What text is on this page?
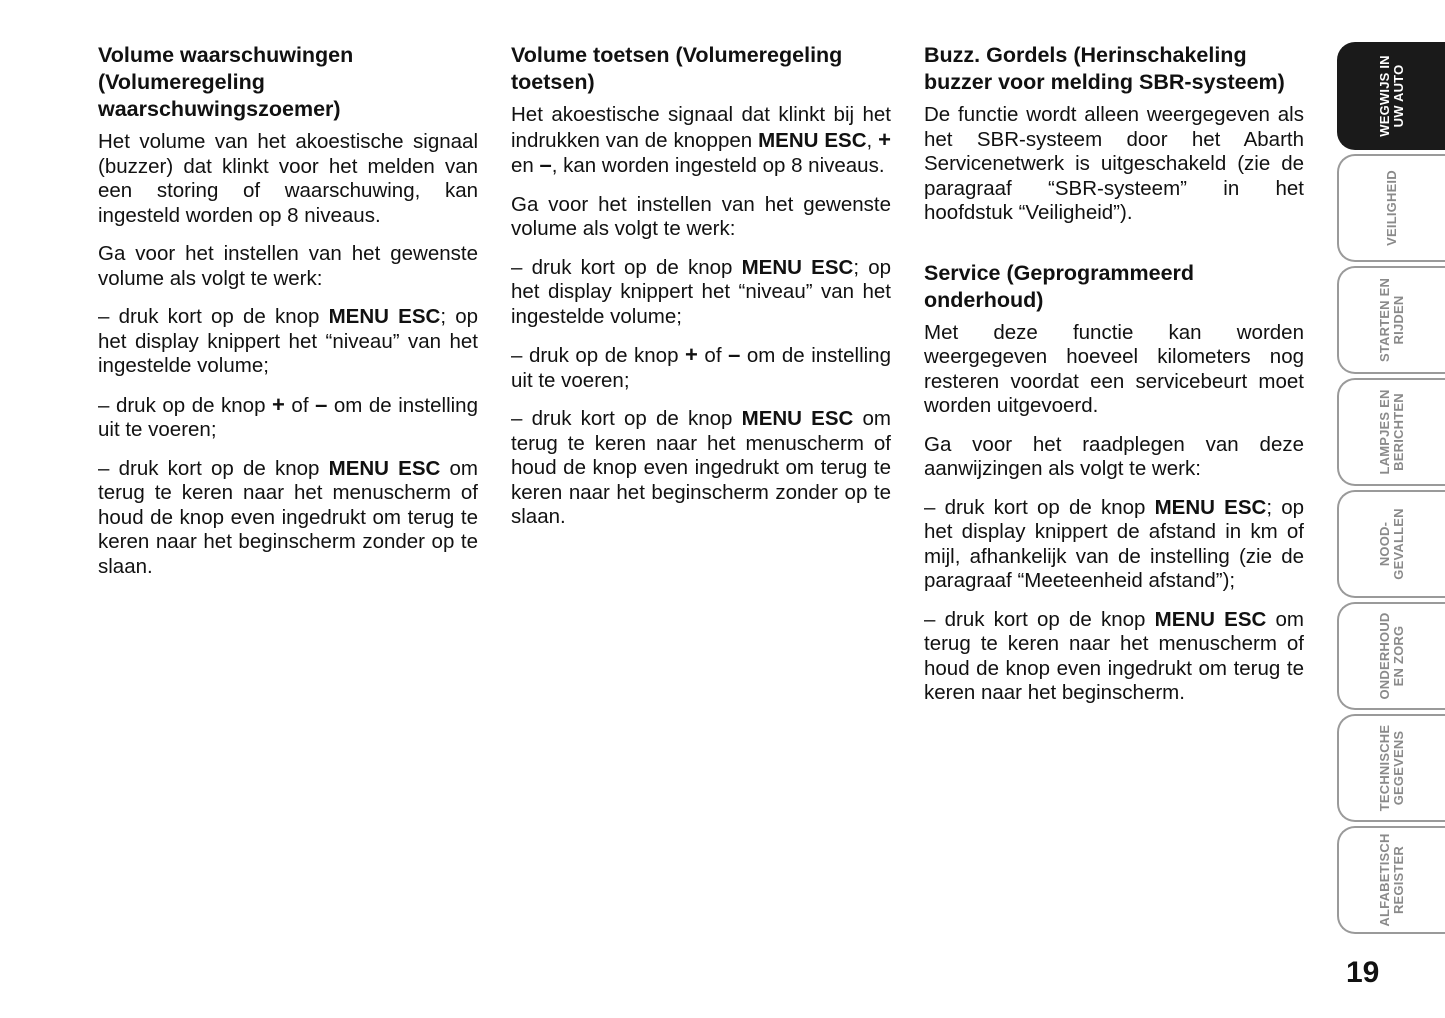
Volume waarschuwingen (Volumeregeling waarschuwingszoemer)

Het volume van het akoestische signaal (buzzer) dat klinkt voor het melden van een storing of waarschuwing, kan ingesteld worden op 8 niveaus.

Ga voor het instellen van het gewenste volume als volgt te werk:

– druk kort op de knop MENU ESC; op het display knippert het “niveau” van het ingestelde volume;

– druk op de knop + of – om de instelling uit te voeren;

– druk kort op de knop MENU ESC om terug te keren naar het menuscherm of houd de knop even ingedrukt om terug te keren naar het beginscherm zonder op te slaan.

Volume toetsen (Volumeregeling toetsen)

Het akoestische signaal dat klinkt bij het indrukken van de knoppen MENU ESC, + en –, kan worden ingesteld op 8 niveaus.

Ga voor het instellen van het gewenste volume als volgt te werk:

– druk kort op de knop MENU ESC; op het display knippert het “niveau” van het ingestelde volume;

– druk op de knop + of – om de instelling uit te voeren;

– druk kort op de knop MENU ESC om terug te keren naar het menuscherm of houd de knop even ingedrukt om terug te keren naar het beginscherm zonder op te slaan.

Buzz. Gordels (Herinschakeling buzzer voor melding SBR-systeem)

De functie wordt alleen weergegeven als het SBR-systeem door het Abarth Servicenetwerk is uitgeschakeld (zie de paragraaf “SBR-systeem” in het hoofdstuk “Veiligheid”).

Service (Geprogrammeerd onderhoud)

Met deze functie kan worden weergegeven hoeveel kilometers nog resteren voordat een servicebeurt moet worden uitgevoerd.

Ga voor het raadplegen van deze aanwijzingen als volgt te werk:

– druk kort op de knop MENU ESC; op het display knippert de afstand in km of mijl, afhankelijk van de instelling (zie de paragraaf “Meeteenheid afstand”);

– druk kort op de knop MENU ESC om terug te keren naar het menuscherm of houd de knop even ingedrukt om terug te keren naar het beginscherm.

WEGWIJS IN
UW AUTO
VEILIGHEID
STARTEN EN
RIJDEN
LAMPJES EN
BERICHTEN
NOOD-
GEVALLEN
ONDERHOUD
EN ZORG
TECHNISCHE
GEGEVENS
ALFABETISCH
REGISTER
19
